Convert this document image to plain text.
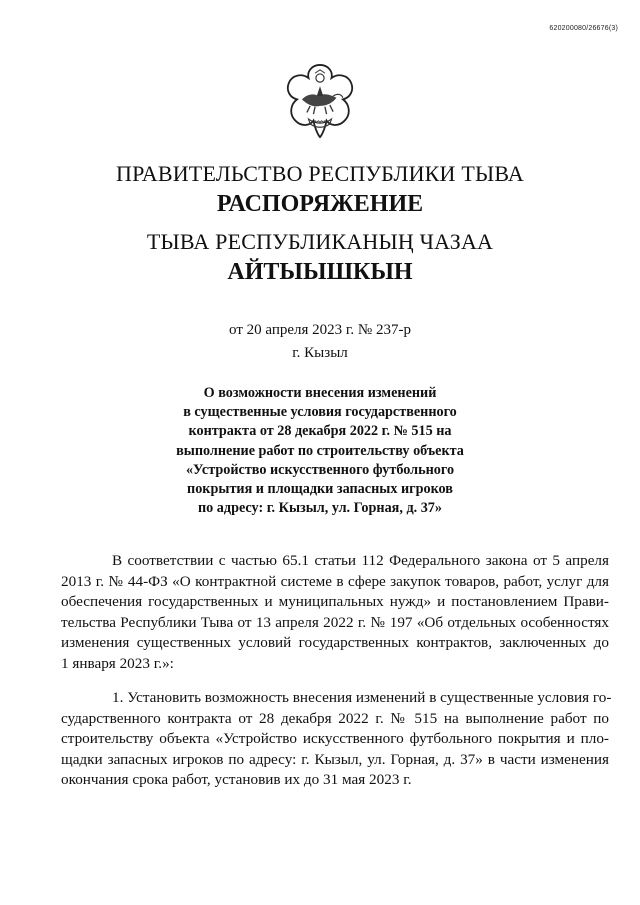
620200080/26676(3)
ПРАВИТЕЛЬСТВО РЕСПУБЛИКИ ТЫВА
РАСПОРЯЖЕНИЕ
ТЫВА РЕСПУБЛИКАНЫҢ ЧАЗАА
АЙТЫЫШКЫН
от 20 апреля 2023 г. № 237-р
г. Кызыл
О возможности внесения изменений
в существенные условия государственного
контракта от 28 декабря 2022 г. № 515 на
выполнение работ по строительству объекта
«Устройство искусственного футбольного
покрытия и площадки запасных игроков
по адресу: г. Кызыл, ул. Горная, д. 37»
В соответствии с частью 65.1 статьи 112 Федерального закона от 5 апреля
2013 г. № 44-ФЗ «О контрактной системе в сфере закупок товаров, работ, услуг для
обеспечения государственных и муниципальных нужд» и постановлением Прави-
тельства Республики Тыва от 13 апреля 2022 г. № 197 «Об отдельных особенностях
изменения существенных условий государственных контрактов, заключенных до
1 января 2023 г.»:
1. Установить возможность внесения изменений в существенные условия го-
сударственного контракта от 28 декабря 2022 г. № 515 на выполнение работ по
строительству объекта «Устройство искусственного футбольного покрытия и пло-
щадки запасных игроков по адресу: г. Кызыл, ул. Горная, д. 37» в части изменения
окончания срока работ, установив их до 31 мая 2023 г.
